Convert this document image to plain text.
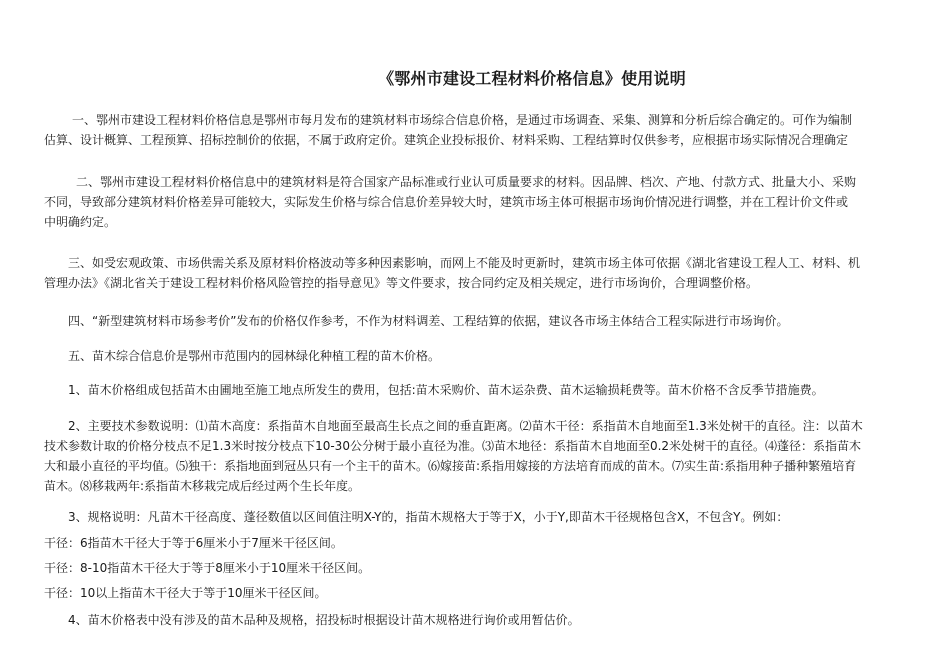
《鄂州市建设工程材料价格信息》使用说明
一、鄂州市建设工程材料价格信息是鄂州市每月发布的建筑材料市场综合信息价格，是通过市场调查、采集、测算和分析后综合确定的。可作为编制
估算、设计概算、工程预算、招标控制价的依据，不属于政府定价。建筑企业投标报价、材料采购、工程结算时仅供参考，应根据市场实际情况合理确定
二、鄂州市建设工程材料价格信息中的建筑材料是符合国家产品标准或行业认可质量要求的材料。因品牌、档次、产地、付款方式、批量大小、采购
不同，导致部分建筑材料价格差异可能较大，实际发生价格与综合信息价差异较大时，建筑市场主体可根据市场询价情况进行调整，并在工程计价文件或
中明确约定。
三、如受宏观政策、市场供需关系及原材料价格波动等多种因素影响，而网上不能及时更新时，建筑市场主体可依据《湖北省建设工程人工、材料、机
管理办法》《湖北省关于建设工程材料价格风险管控的指导意见》等文件要求，按合同约定及相关规定，进行市场询价，合理调整价格。
四、“新型建筑材料市场参考价”发布的价格仅作参考，不作为材料调差、工程结算的依据，建议各市场主体结合工程实际进行市场询价。
五、苗木综合信息价是鄂州市范围内的园林绿化种植工程的苗木价格。
1、苗木价格组成包括苗木由圃地至施工地点所发生的费用，包括:苗木采购价、苗木运杂费、苗木运输损耗费等。苗木价格不含反季节措施费。
2、主要技术参数说明：⑴苗木高度：系指苗木自地面至最高生长点之间的垂直距离。⑵苗木干径：系指苗木自地面至1.3米处树干的直径。注：以苗木
技术参数计取的价格分枝点不足1.3米时按分枝点下10-30公分树于最小直径为准。⑶苗木地径：系指苗木自地面至0.2米处树干的直径。⑷蓬径：系指苗木
大和最小直径的平均值。⑸独干：系指地面到冠丛只有一个主干的苗木。⑹嫁接苗:系指用嫁接的方法培育而成的苗木。⑺实生苗:系指用种子播种繁殖培育
苗木。⑻移栽两年:系指苗木移栽完成后经过两个生长年度。
3、规格说明：凡苗木干径高度、蓬径数值以区间值注明X-Y的，指苗木规格大于等于X，小于Y,即苗木干径规格包含X，不包含Y。例如：
干径：6指苗木干径大于等于6厘米小于7厘米干径区间。
干径：8-10指苗木干径大于等于8厘米小于10厘米干径区间。
干径：10以上指苗木干径大于等于10厘米干径区间。
4、苗木价格表中没有涉及的苗木品种及规格，招投标时根据设计苗木规格进行询价或用暂估价。
